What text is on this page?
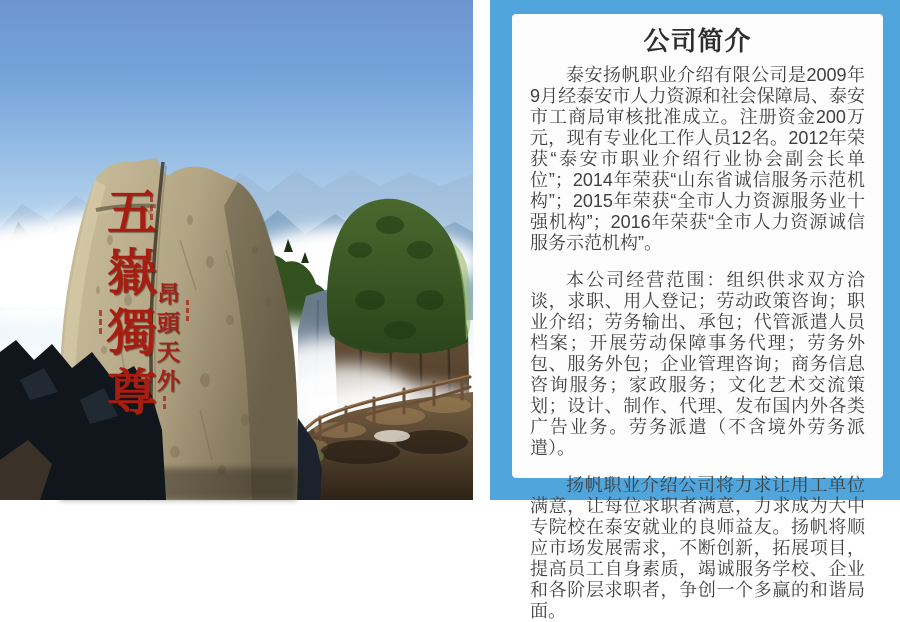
五嶽獨尊
昂頭天外
公司简介

泰安扬帆职业介绍有限公司是2009年9月经泰安市人力资源和社会保障局、泰安市工商局审核批准成立。注册资金200万元，现有专业化工作人员12名。2012年荣获“泰安市职业介绍行业协会副会长单位”；2014年荣获“山东省诚信服务示范机构”；2015年荣获“全市人力资源服务业十强机构”；2016年荣获“全市人力资源诚信服务示范机构”。

本公司经营范围：组织供求双方洽谈，求职、用人登记；劳动政策咨询；职业介绍；劳务输出、承包；代管派遣人员档案；开展劳动保障事务代理；劳务外包、服务外包；企业管理咨询；商务信息咨询服务；家政服务；文化艺术交流策划；设计、制作、代理、发布国内外各类广告业务。劳务派遣（不含境外劳务派遣）。

扬帆职业介绍公司将力求让用工单位满意，让每位求职者满意，力求成为大中专院校在泰安就业的良师益友。扬帆将顺应市场发展需求，不断创新，拓展项目，提高员工自身素质，竭诚服务学校、企业和各阶层求职者，争创一个多赢的和谐局面。
